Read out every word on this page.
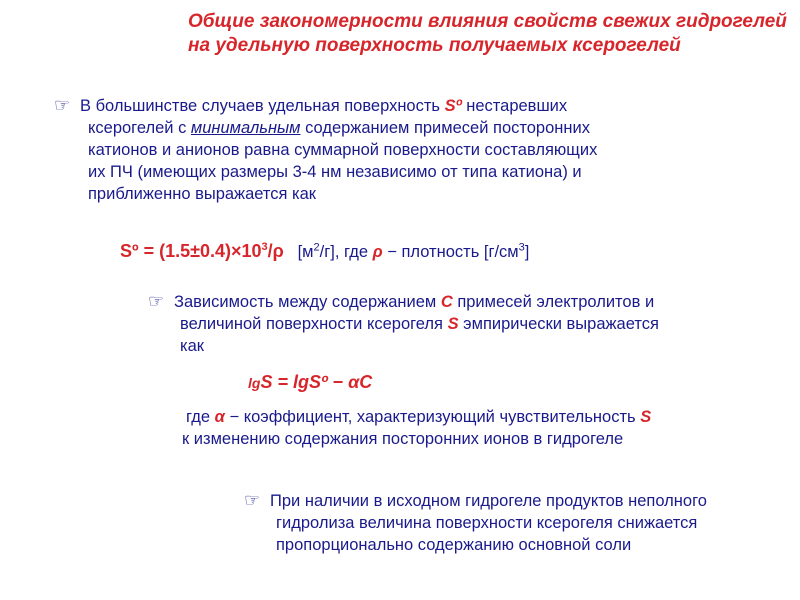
Общие закономерности влияния свойств свежих гидрогелей
на удельную поверхность получаемых ксерогелей
☞ В большинстве случаев удельная поверхность Sº нестаревших
ксерогелей с минимальным содержанием примесей посторонних
катионов и анионов равна суммарной поверхности составляющих
их ПЧ (имеющих размеры 3-4 нм независимо от типа катиона) и
приближенно выражается как
Sº = $(1.5\pm 0.4)\times 10^3/\rho$ $[м^2/г]$, где ρ − плотность $[г/см^3]$
☞ Зависимость между содержанием C примесей электролитов и
величиной поверхности ксерогеля S эмпирически выражается
как
lgS = lgSº − αC
где α − коэффициент, характеризующий чувствительность S
к изменению содержания посторонних ионов в гидрогеле
☞ При наличии в исходном гидрогеле продуктов неполного
гидролиза величина поверхности ксерогеля снижается
пропорционально содержанию основной соли
